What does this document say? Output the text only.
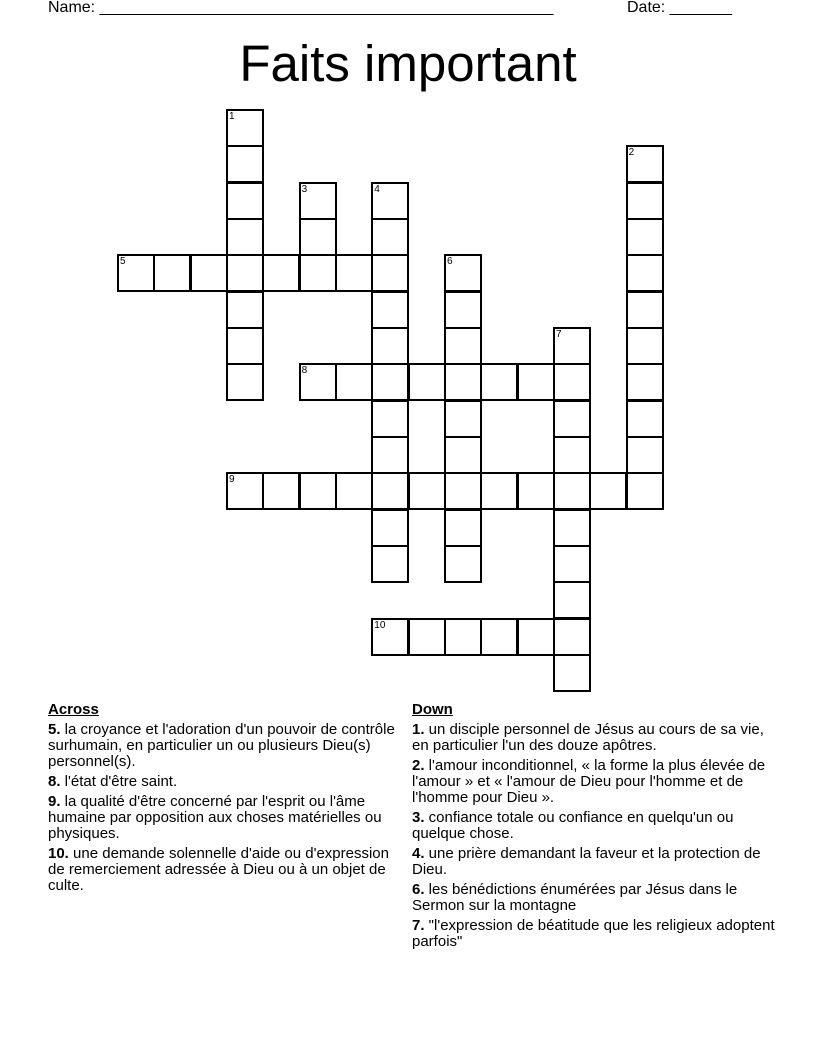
Name: ___________________________________________________	Date: _______
Faits important
1
2
3	4
5	6
7
8
9
10
Across
5. la croyance et l'adoration d'un pouvoir de contrôle surhumain, en particulier un ou plusieurs Dieu(s) personnel(s).
8. l'état d'être saint.
9. la qualité d'être concerné par l'esprit ou l'âme humaine par opposition aux choses matérielles ou physiques.
10. une demande solennelle d'aide ou d'expression de remerciement adressée à Dieu ou à un objet de culte.
Down
1. un disciple personnel de Jésus au cours de sa vie, en particulier l'un des douze apôtres.
2. l'amour inconditionnel, « la forme la plus élevée de l'amour » et « l'amour de Dieu pour l'homme et de l'homme pour Dieu ».
3. confiance totale ou confiance en quelqu'un ou quelque chose.
4. une prière demandant la faveur et la protection de Dieu.
6. les bénédictions énumérées par Jésus dans le Sermon sur la montagne
7. "l'expression de béatitude que les religieux adoptent parfois"
